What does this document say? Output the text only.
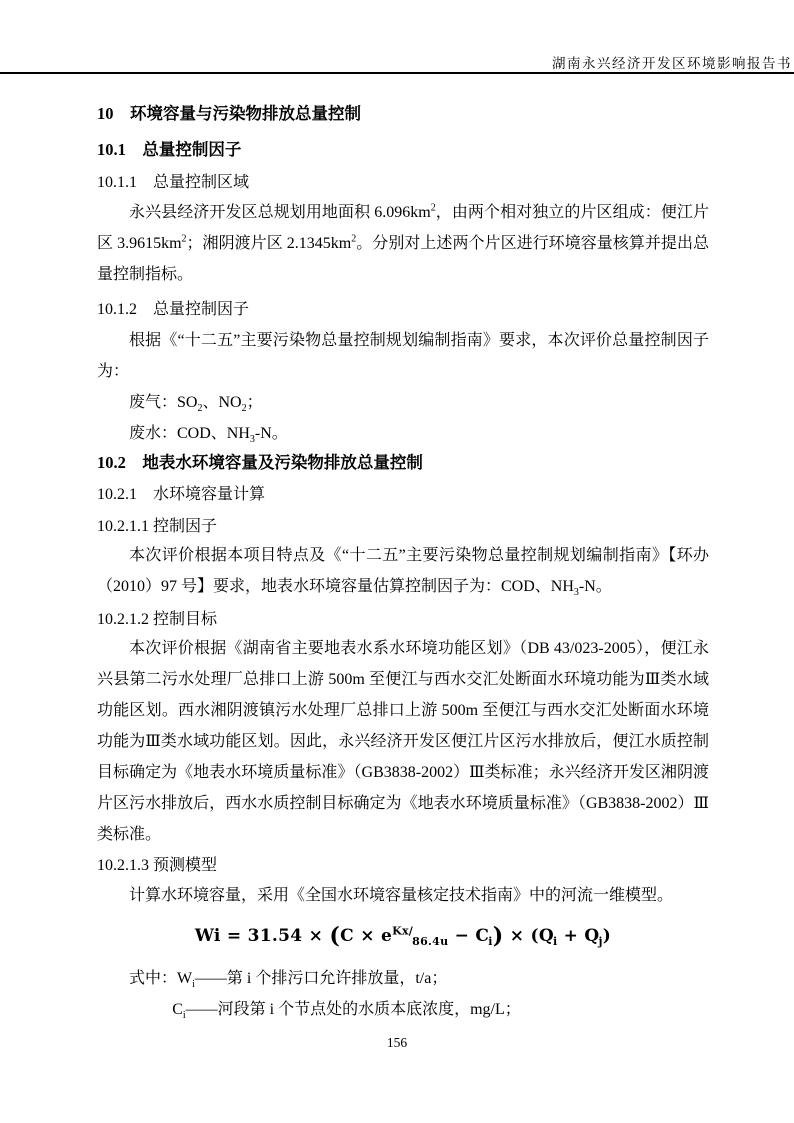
湖南永兴经济开发区环境影响报告书

10　环境容量与污染物排放总量控制

10.1　总量控制因子

10.1.1　总量控制区域

永兴县经济开发区总规划用地面积 $6.096km^2$，由两个相对独立的片区组成：便江片区 $3.9615km^2$；湘阴渡片区 $2.1345km^2$。分别对上述两个片区进行环境容量核算并提出总量控制指标。

10.1.2　总量控制因子

根据《“十二五”主要污染物总量控制规划编制指南》要求，本次评价总量控制因子为：

废气：$SO_2$、$NO_2$；

废水：COD、$NH_3-N$。

10.2　地表水环境容量及污染物排放总量控制

10.2.1　水环境容量计算

10.2.1.1 控制因子

本次评价根据本项目特点及《“十二五”主要污染物总量控制规划编制指南》【环办（2010）97 号】要求，地表水环境容量估算控制因子为：COD、$NH_3-N$。

10.2.1.2 控制目标

本次评价根据《湖南省主要地表水系水环境功能区划》（DB 43/023-2005），便江永兴县第二污水处理厂总排口上游 500m 至便江与西水交汇处断面水环境功能为Ⅲ类水域功能区划。西水湘阴渡镇污水处理厂总排口上游 500m 至便江与西水交汇处断面水环境功能为Ⅲ类水域功能区划。因此，永兴经济开发区便江片区污水排放后，便江水质控制目标确定为《地表水环境质量标准》（GB3838-2002）Ⅲ类标准；永兴经济开发区湘阴渡片区污水排放后，西水水质控制目标确定为《地表水环境质量标准》（GB3838-2002）Ⅲ类标准。

10.2.1.3 预测模型

计算水环境容量，采用《全国水环境容量核定技术指南》中的河流一维模型。

$Wi = 31.54 \times (C \times e^{Kx/}_{86.4u} - C_i) \times (Q_i + Q_j)$

式中：$W_i——$第 i 个排污口允许排放量，t/a；

$C_i——$河段第 i 个节点处的水质本底浓度，mg/L；

156
